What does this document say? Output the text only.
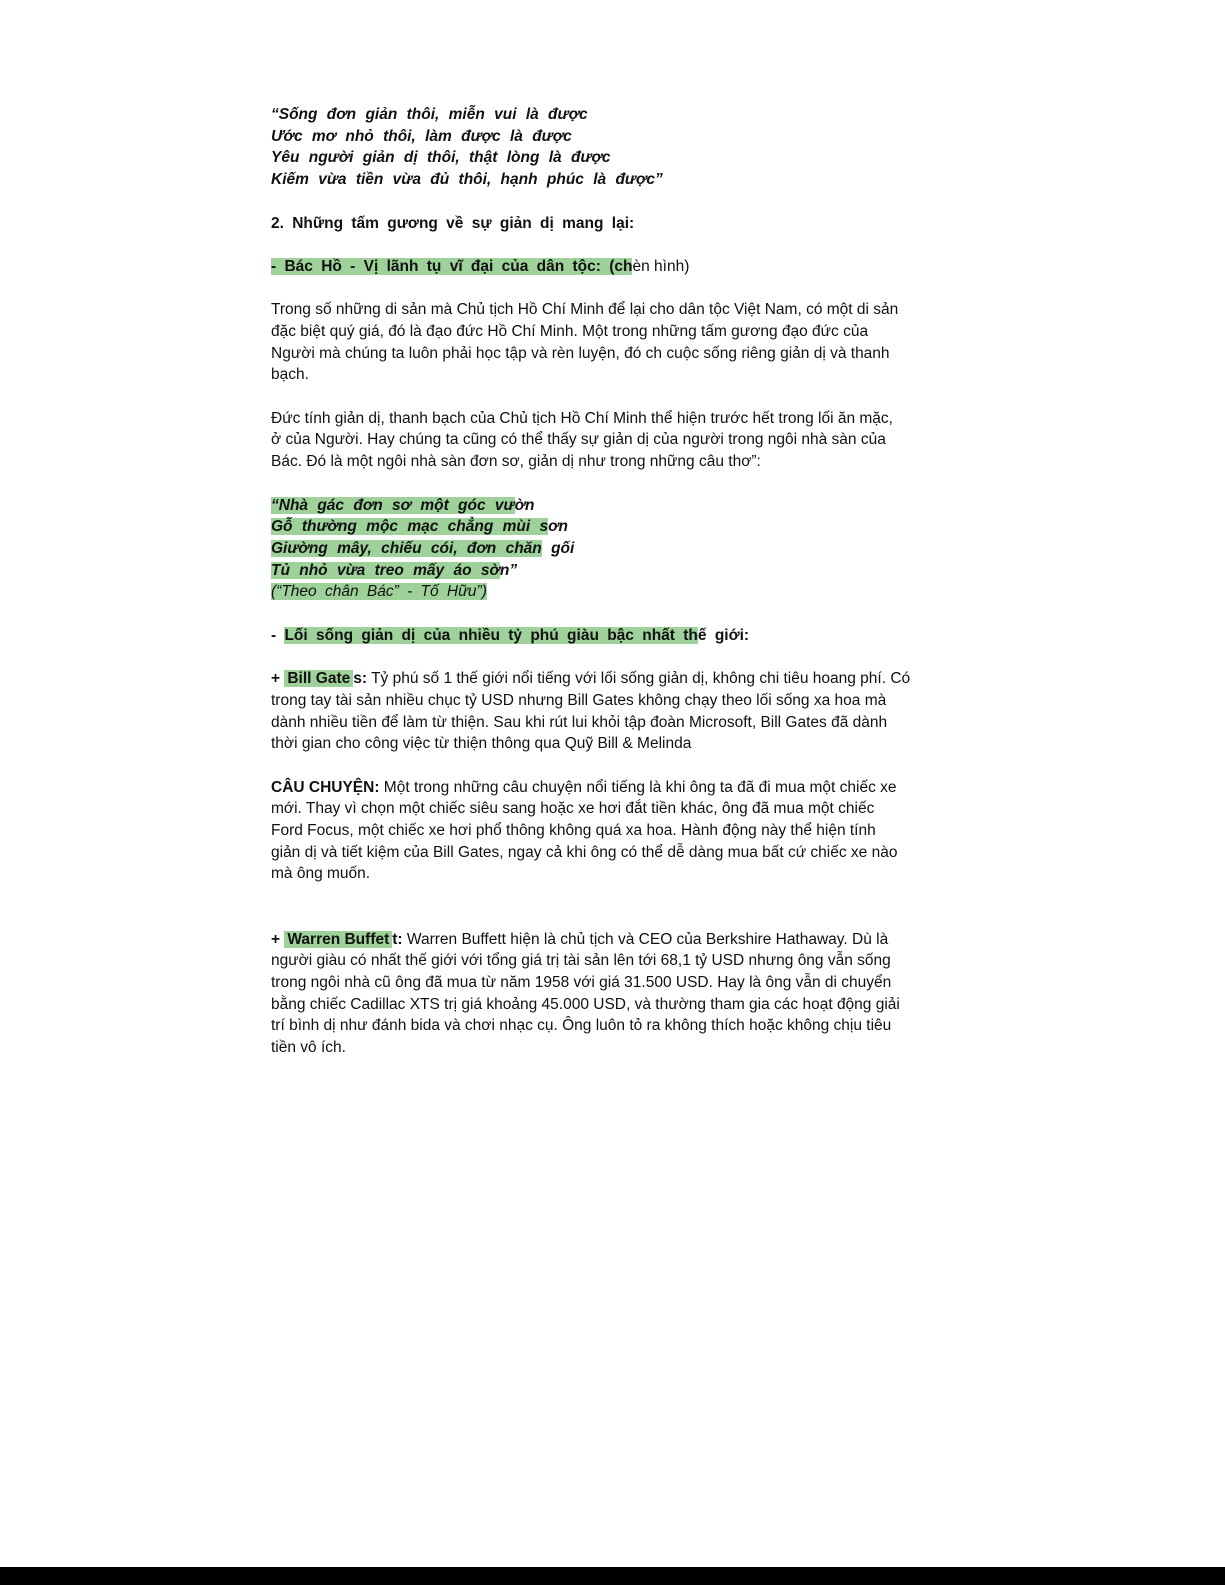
“Sống đơn giản thôi, miễn vui là được
Ước mơ nhỏ thôi, làm được là được
Yêu người giản dị thôi, thật lòng là được
Kiếm vừa tiền vừa đủ thôi, hạnh phúc là được”
2. Những tấm gương về sự giản dị mang lại:
- Bác Hồ - Vị lãnh tụ vĩ đại của dân tộc: (chèn hình)
Trong số những di sản mà Chủ tịch Hồ Chí Minh để lại cho dân tộc Việt Nam, có một di sản
đặc biệt quý giá, đó là đạo đức Hồ Chí Minh. Một trong những tấm gương đạo đức của
Người mà chúng ta luôn phải học tập và rèn luyện, đó ch cuộc sống riêng giản dị và thanh
bạch.
Đức tính giản dị, thanh bạch của Chủ tịch Hồ Chí Minh thể hiện trước hết trong lối ăn mặc,
ở của Người. Hay chúng ta cũng có thể thấy sự giản dị của người trong ngôi nhà sàn của
Bác. Đó là một ngôi nhà sàn đơn sơ, giản dị như trong những câu thơ”:
“Nhà gác đơn sơ một góc vườn
Gỗ thường mộc mạc chẳng mùi sơn
Giường mây, chiếu cói, đơn chăn gối
Tủ nhỏ vừa treo mấy áo sờn”
(“Theo chân Bác” - Tố Hữu”)
- Lối sống giản dị của nhiều tỷ phú giàu bậc nhất thế giới:
+ Bill Gate s: Tỷ phú số 1 thế giới nổi tiếng với lối sống giản dị, không chi tiêu hoang phí. Có
trong tay tài sản nhiều chục tỷ USD nhưng Bill Gates không chạy theo lối sống xa hoa mà
dành nhiều tiền để làm từ thiện. Sau khi rút lui khỏi tập đoàn Microsoft, Bill Gates đã dành
thời gian cho công việc từ thiện thông qua Quỹ Bill & Melinda
CÂU CHUYỆN: Một trong những câu chuyện nổi tiếng là khi ông ta đã đi mua một chiếc xe
mới. Thay vì chọn một chiếc siêu sang hoặc xe hơi đắt tiền khác, ông đã mua một chiếc
Ford Focus, một chiếc xe hơi phổ thông không quá xa hoa. Hành động này thể hiện tính
giản dị và tiết kiệm của Bill Gates, ngay cả khi ông có thể dễ dàng mua bất cứ chiếc xe nào
mà ông muốn.
+ Warren Buffet t: Warren Buffett hiện là chủ tịch và CEO của Berkshire Hathaway. Dù là
người giàu có nhất thế giới với tổng giá trị tài sản lên tới 68,1 tỷ USD nhưng ông vẫn sống
trong ngôi nhà cũ ông đã mua từ năm 1958 với giá 31.500 USD. Hay là ông vẫn di chuyển
bằng chiếc Cadillac XTS trị giá khoảng 45.000 USD, và thường tham gia các hoạt động giải
trí bình dị như đánh bida và chơi nhạc cụ. Ông luôn tỏ ra không thích hoặc không chịu tiêu
tiền vô ích.
